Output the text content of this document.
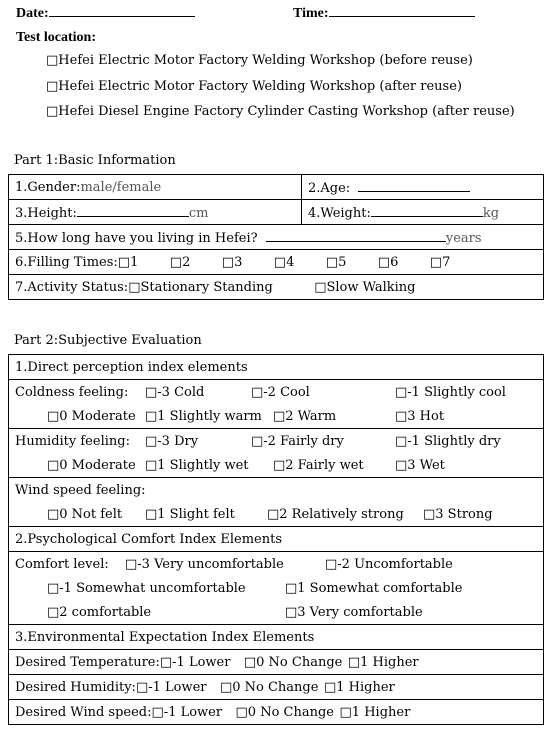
Date:	Time:
Test location:
□Hefei Electric Motor Factory Welding Workshop (before reuse)
□Hefei Electric Motor Factory Welding Workshop (after reuse)
□Hefei Diesel Engine Factory Cylinder Casting Workshop (after reuse)
Part 1:Basic Information
1.Gender:male/female	2.Age:
3.Height: cm	4.Weight: kg
5.How long have you living in Hefei? years	
6.Filling Times:□1 □2 □3 □4 □5 □6 □7	
7.Activity Status:□Stationary Standing □Slow Walking	
Part 2:Subjective Evaluation
1.Direct perception index elements
Coldness feeling: □-3 Cold	□-2 Cool	□-1 Slightly cool
□0 Moderate □1 Slightly warm □2 Warm	□3 Hot
Humidity feeling: □-3 Dry	□-2 Fairly dry	□-1 Slightly dry
□0 Moderate □1 Slightly wet □2 Fairly wet □3 Wet
Wind speed feeling:
□0 Not felt □1 Slight felt □2 Relatively strong □3 Strong
2.Psychological Comfort Index Elements
Comfort level: □-3 Very uncomfortable	□-2 Uncomfortable
□-1 Somewhat uncomfortable	□1 Somewhat comfortable
□2 comfortable	□3 Very comfortable
3.Environmental Expectation Index Elements
Desired Temperature:□-1 Lower □0 No Change □1 Higher
Desired Humidity:□-1 Lower □0 No Change □1 Higher
Desired Wind speed:□-1 Lower □0 No Change □1 Higher
